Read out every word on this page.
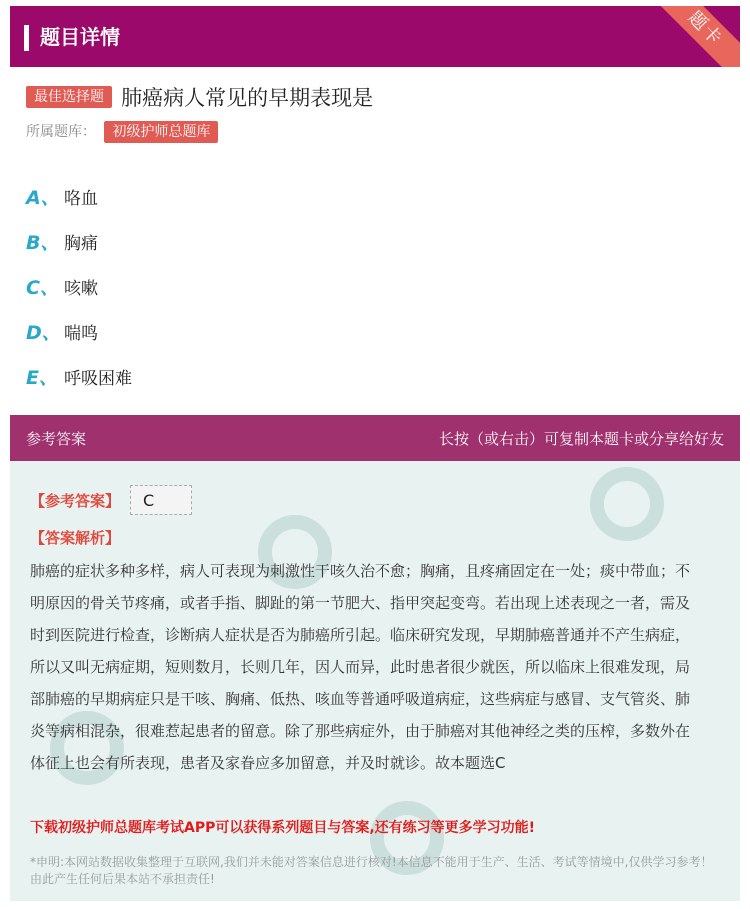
题目详情	题卡
最佳选择题 肺癌病人常见的早期表现是
所属题库： 初级护师总题库
A、 咯血
B、 胸痛
C、 咳嗽
D、 喘鸣
E、 呼吸困难
参考答案	长按（或右击）可复制本题卡或分享给好友
【参考答案】	C
【答案解析】
肺癌的症状多种多样，病人可表现为刺激性干咳久治不愈；胸痛，且疼痛固定在一处；痰中带血；不明原因的骨关节疼痛，或者手指、脚趾的第一节肥大、指甲突起变弯。若出现上述表现之一者，需及时到医院进行检查，诊断病人症状是否为肺癌所引起。临床研究发现，早期肺癌普通并不产生病症，所以又叫无病症期，短则数月，长则几年，因人而异，此时患者很少就医，所以临床上很难发现，局部肺癌的早期病症只是干咳、胸痛、低热、咳血等普通呼吸道病症，这些病症与感冒、支气管炎、肺炎等病相混杂，很难惹起患者的留意。除了那些病症外，由于肺癌对其他神经之类的压榨，多数外在体征上也会有所表现，患者及家眷应多加留意，并及时就诊。故本题选C
下载初级护师总题库考试APP可以获得系列题目与答案,还有练习等更多学习功能!
*申明:本网站数据收集整理于互联网,我们并未能对答案信息进行核对!本信息不能用于生产、生活、考试等情境中,仅供学习参考！由此产生任何后果本站不承担责任!
